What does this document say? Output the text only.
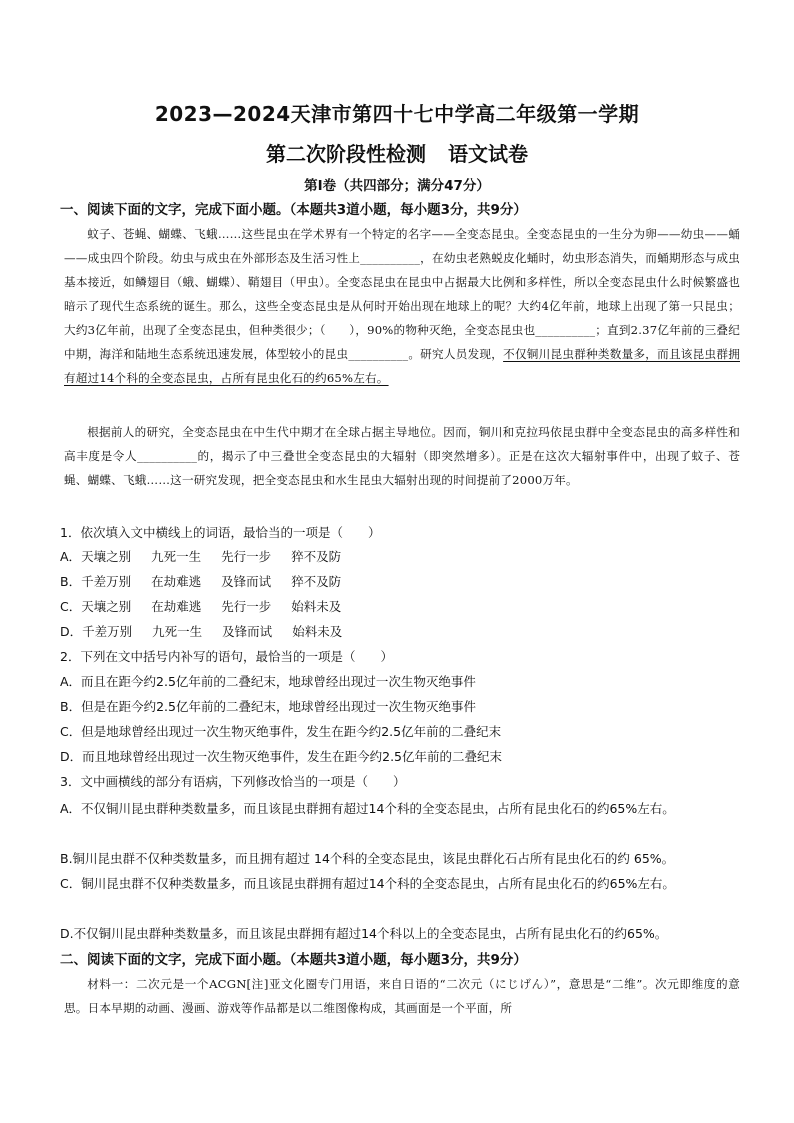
2023—2024天津市第四十七中学高二年级第一学期
第二次阶段性检测 语文试卷
第Ⅰ卷（共四部分；满分47分）
一、阅读下面的文字，完成下面小题。（本题共3道小题，每小题3分，共9分）
蚊子、苍蝇、蝴蝶、飞蛾……这些昆虫在学术界有一个特定的名字——全变态昆虫。全变态昆虫的一生分为卵——幼虫——蛹——成虫四个阶段。幼虫与成虫在外部形态及生活习性上__________，在幼虫老熟蜕皮化蛹时，幼虫形态消失，而蛹期形态与成虫基本接近，如鳞翅目（蛾、蝴蝶）、鞘翅目（甲虫）。全变态昆虫在昆虫中占据最大比例和多样性，所以全变态昆虫什么时候繁盛也暗示了现代生态系统的诞生。那么，这些全变态昆虫是从何时开始出现在地球上的呢？大约4亿年前，地球上出现了第一只昆虫；大约3亿年前，出现了全变态昆虫，但种类很少；（　　），90%的物种灭绝，全变态昆虫也__________；直到2.37亿年前的三叠纪中期，海洋和陆地生态系统迅速发展，体型较小的昆虫__________。研究人员发现，不仅铜川昆虫群种类数量多，而且该昆虫群拥有超过14个科的全变态昆虫，占所有昆虫化石的约65%左右。
根据前人的研究，全变态昆虫在中生代中期才在全球占据主导地位。因而，铜川和克拉玛依昆虫群中全变态昆虫的高多样性和高丰度是令人__________的，揭示了中三叠世全变态昆虫的大辐射（即突然增多）。正是在这次大辐射事件中，出现了蚊子、苍蝇、蝴蝶、飞蛾……这一研究发现，把全变态昆虫和水生昆虫大辐射出现的时间提前了2000万年。
1．依次填入文中横线上的词语，最恰当的一项是（　　）
A．天壤之别 九死一生 先行一步 猝不及防
B．千差万别 在劫难逃 及锋而试 猝不及防
C．天壤之别 在劫难逃 先行一步 始料未及
D．千差万别 九死一生 及锋而试 始料未及
2．下列在文中括号内补写的语句，最恰当的一项是（　　）
A．而且在距今约2.5亿年前的二叠纪末，地球曾经出现过一次生物灭绝事件
B．但是在距今约2.5亿年前的二叠纪末，地球曾经出现过一次生物灭绝事件
C．但是地球曾经出现过一次生物灭绝事件，发生在距今约2.5亿年前的二叠纪末
D．而且地球曾经出现过一次生物灭绝事件，发生在距今约2.5亿年前的二叠纪末
3．文中画横线的部分有语病，下列修改恰当的一项是（　　）
A．不仅铜川昆虫群种类数量多，而且该昆虫群拥有超过14个科的全变态昆虫，占所有昆虫化石的约65%左右。
B.铜川昆虫群不仅种类数量多，而且拥有超过 14个科的全变态昆虫，该昆虫群化石占所有昆虫化石的约 65%。
C．铜川昆虫群不仅种类数量多，而且该昆虫群拥有超过14个科的全变态昆虫，占所有昆虫化石的约65%左右。
D.不仅铜川昆虫群种类数量多，而且该昆虫群拥有超过14个科以上的全变态昆虫，占所有昆虫化石的约65%。
二、阅读下面的文字，完成下面小题。（本题共3道小题，每小题3分，共9分）
材料一：二次元是一个ACGN[注]亚文化圈专门用语，来自日语的“二次元（にじげん）”，意思是“二维”。次元即维度的意思。日本早期的动画、漫画、游戏等作品都是以二维图像构成，其画面是一个平面，所
